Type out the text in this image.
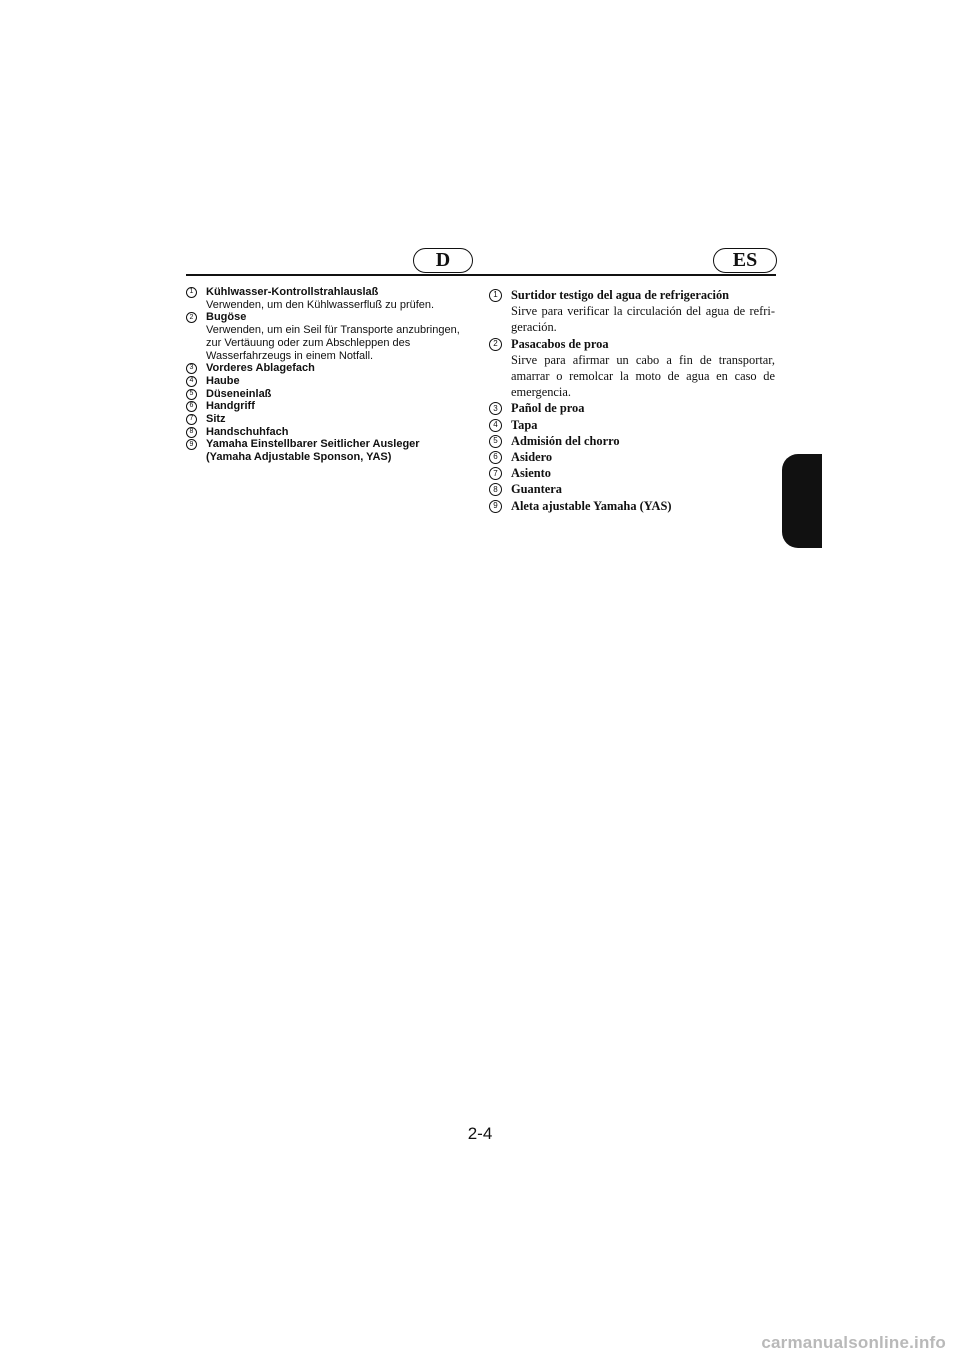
D	ES
1	Kühlwasser-Kontrollstrahlauslaß
Verwenden, um den Kühlwasserfluß zu prüfen.
2	Bugöse
Verwenden, um ein Seil für Transporte anzubringen, zur Vertäuung oder zum Abschleppen des Wasserfahrzeugs in einem Notfall.
3	Vorderes Ablagefach
4	Haube
5	Düseneinlaß
6	Handgriff
7	Sitz
8	Handschuhfach
9	Yamaha Einstellbarer Seitlicher Ausleger (Yamaha Adjustable Sponson, YAS)
1	Surtidor testigo del agua de refrigeración
Sirve para verificar la circulación del agua de refri-geración.
2	Pasacabos de proa
Sirve para afirmar un cabo a fin de transportar, amarrar o remolcar la moto de agua en caso de emergencia.
3	Pañol de proa
4	Tapa
5	Admisión del chorro
6	Asidero
7	Asiento
8	Guantera
9	Aleta ajustable Yamaha (YAS)
2-4
carmanualsonline.info
